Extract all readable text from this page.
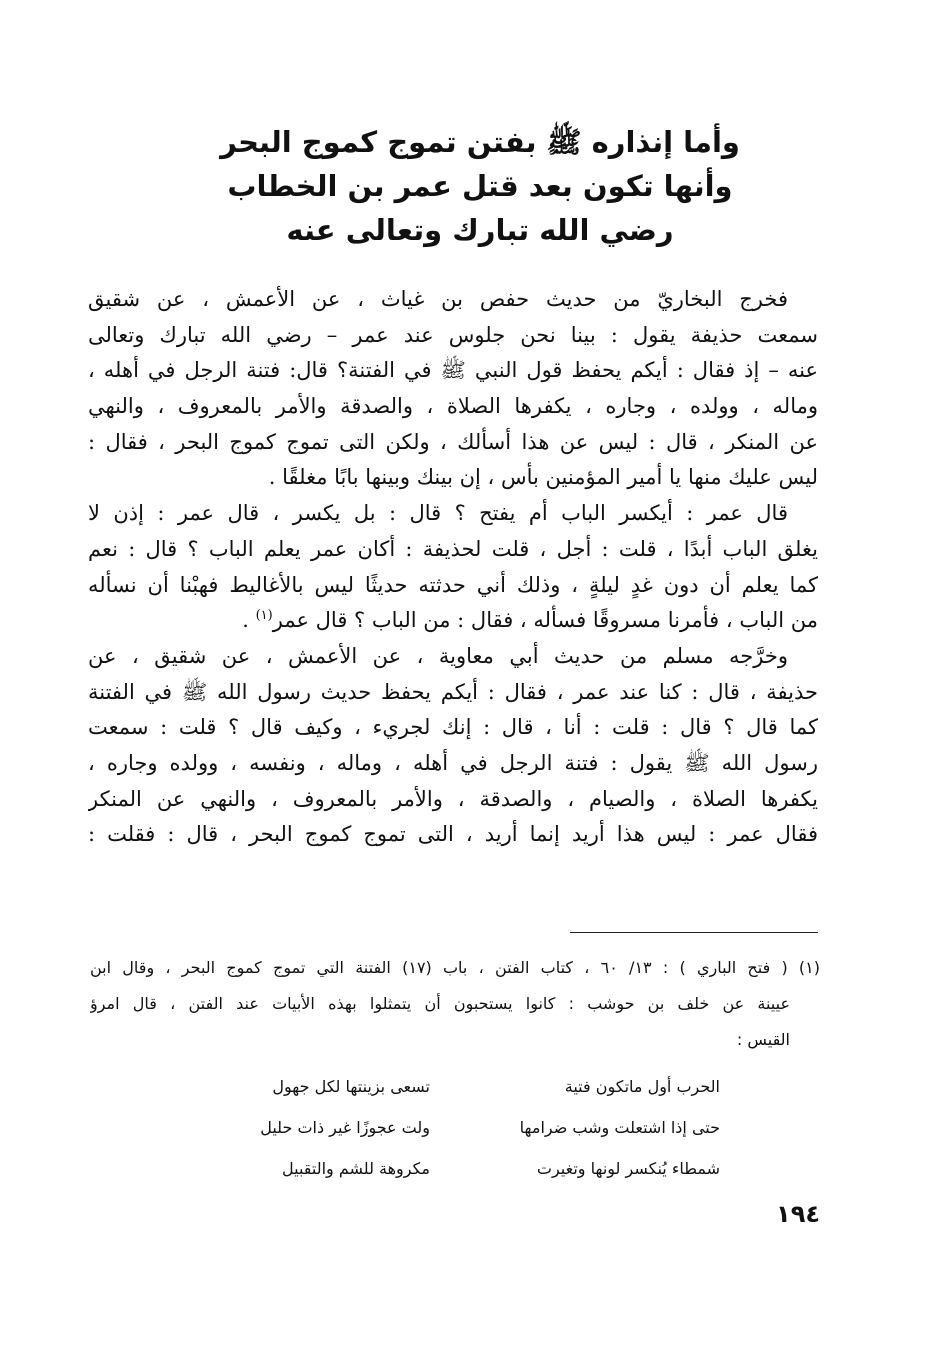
وأما إنذاره ﷺ بفتن تموج كموج البحر
وأنها تكون بعد قتل عمر بن الخطاب
رضي الله تبارك وتعالى عنه
فخرج البخاريّ من حديث حفص بن غياث ، عن الأعمش ، عن شقيق
سمعت حذيفة يقول : بينا نحن جلوس عند عمر – رضي الله تبارك وتعالى
عنه – إذ فقال : أيكم يحفظ قول النبي ﷺ في الفتنة؟ قال: فتنة الرجل في أهله ،
وماله ، وولده ، وجاره ، يكفرها الصلاة ، والصدقة والأمر بالمعروف ، والنهي
عن المنكر ، قال : ليس عن هذا أسألك ، ولكن التى تموج كموج البحر ، فقال :
ليس عليك منها يا أمير المؤمنين بأس ، إن بينك وبينها بابًا مغلقًا .
قال عمر : أيكسر الباب أم يفتح ؟ قال : بل يكسر ، قال عمر : إذن لا
يغلق الباب أبدًا ، قلت : أجل ، قلت لحذيفة : أكان عمر يعلم الباب ؟ قال : نعم
كما يعلم أن دون غدٍ ليلةٍ ، وذلك أني حدثته حديثًا ليس بالأغاليط فهبْنا أن نسأله
من الباب ، فأمرنا مسروقًا فسأله ، فقال : من الباب ؟ قال عمر$^{(١)}$ .
وخرَّجه مسلم من حديث أبي معاوية ، عن الأعمش ، عن شقيق ، عن
حذيفة ، قال : كنا عند عمر ، فقال : أيكم يحفظ حديث رسول الله ﷺ في الفتنة
كما قال ؟ قال : قلت : أنا ، قال : إنك لجريء ، وكيف قال ؟ قلت : سمعت
رسول الله ﷺ يقول : فتنة الرجل في أهله ، وماله ، ونفسه ، وولده وجاره ،
يكفرها الصلاة ، والصيام ، والصدقة ، والأمر بالمعروف ، والنهي عن المنكر
فقال عمر : ليس هذا أريد إنما أريد ، التى تموج كموج البحر ، قال : فقلت :
(١) ( فتح الباري ) : ١٣/ ٦٠ ، كتاب الفتن ، باب (١٧) الفتنة التي تموج كموج البحر ، وقال ابن
عيينة عن خلف بن حوشب : كانوا يستحبون أن يتمثلوا بهذه الأبيات عند الفتن ، قال امرؤ
القيس :
الحرب أول ماتكون فتية
تسعى بزينتها لكل جهول
حتى إذا اشتعلت وشب ضرامها
ولت عجوزًا غير ذات حليل
شمطاء يُنكسر لونها وتغيرت
مكروهة للشم والتقبيل
١٩٤
